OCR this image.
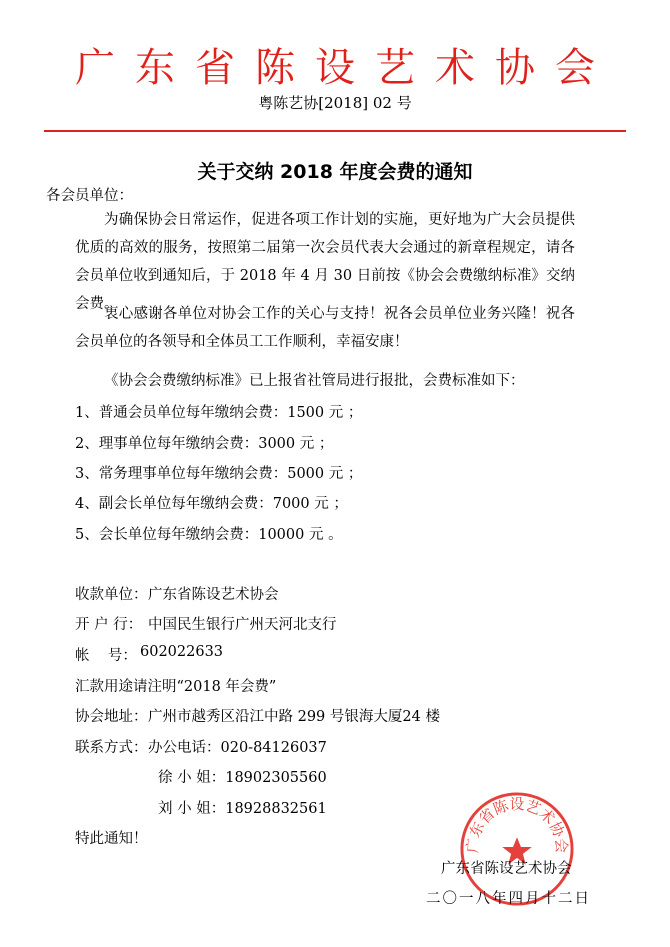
广东省陈设艺术协会
粤陈艺协[2018] 02 号
关于交纳 2018 年度会费的通知
各会员单位：
为确保协会日常运作，促进各项工作计划的实施，更好地为广大会员提供优质的高效的服务，按照第二届第一次会员代表大会通过的新章程规定，请各会员单位收到通知后，于 2018 年 4 月 30 日前按《协会会费缴纳标准》交纳会费。
衷心感谢各单位对协会工作的关心与支持！祝各会员单位业务兴隆！祝各会员单位的各领导和全体员工工作顺利，幸福安康！
《协会会费缴纳标准》已上报省社管局进行报批，会费标准如下：
1、普通会员单位每年缴纳会费：1500 元 ；
2、理事单位每年缴纳会费：3000 元 ；
3、常务理事单位每年缴纳会费：5000 元 ；
4、副会长单位每年缴纳会费：7000 元 ；
5、会长单位每年缴纳会费：10000 元 。
收款单位： 广东省陈设艺术协会
开 户 行： 中国民生银行广州天河北支行
帐    号： 602022633
汇款用途请注明“2018 年会费”
协会地址： 广州市越秀区沿江中路 299 号银海大厦24 楼
联系方式： 办公电话：020-84126037
徐 小 姐：18902305560
刘 小 姐：18928832561
特此通知！	广东省陈设艺术协会
广东省陈设艺术协会
二〇一八年四月十二日
